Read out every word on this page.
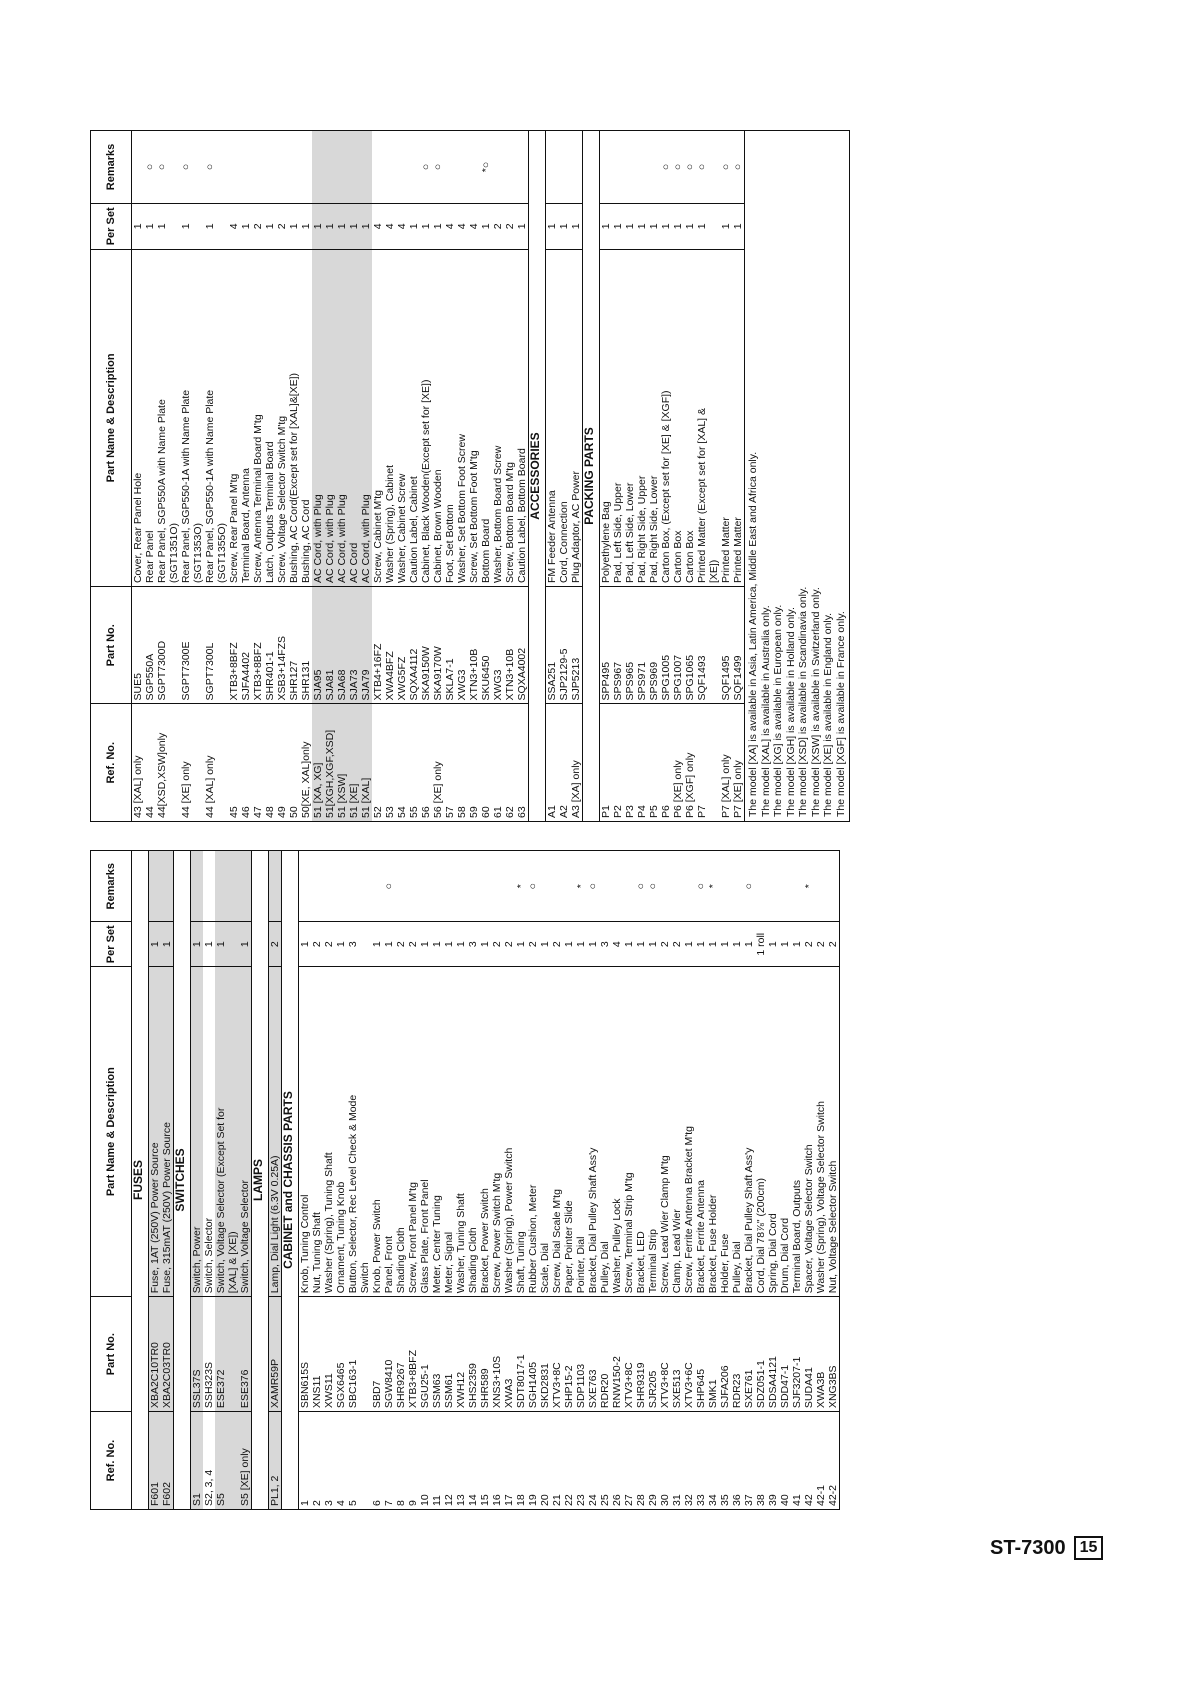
Ref. No.	Part No.	Part Name & Description	Per Set	Remarks
FUSES				
F601	XBA2C10TR0	Fuse, 1AT (250V) Power Source	1	
F602	XBA2C03TR0	Fuse, 315mAT (250V) Power Source	1	
SWITCHES				
S1	SSL37S	Switch, Power	1	
S2, 3, 4	SSH323S	Switch, Selector	1	
S5	ESE372	Switch, Voltage Selector (Except Set for	1	
		[XAL] & [XE])		
S5 [XE] only	ESE376	Switch, Voltage Selector	1	
LAMPS				
PL1, 2	XAMR59P	Lamp, Dial Light (6.3V 0.25A)	2	
CABINET and CHASSIS PARTS				
1	SBN615S	Knob, Tuning Control	1	
2	XNS11	Nut, Tuning Shaft	2	
3	XWS11	Washer (Spring), Tuning Shaft	2	
4	SGX6465	Ornament, Tuning Knob	1	
5	SBC163-1	Button, Selector, Rec Level Check & Mode	3	
		Switch		
6	SBD7	Knob, Power Switch	1	
7	SGW8410	Panel, Front	1	○
8	SHR9267	Shading Cloth	2	
9	XTB3+8BFZ	Screw, Front Panel M'tg	2	
10	SGU25-1	Glass Plate, Front Panel	1	
11	SSM63	Meter, Center Tuning	1	
12	SSM61	Meter, Signal	1	
13	XWH12	Washer, Tuning Shaft	1	
14	SHS2359	Shading Cloth	3	
15	SHR589	Bracket, Power Switch	1	
16	XNS3+10S	Screw, Power Switch M'tg	2	
17	XWA3	Washer (Spring), Power Switch	2	
18	SDT8017-1	Shaft, Tuning	1	*
19	SGH1405	Rubber Cushion, Meter	2	○
20	SKD2831	Scale, Dial	1	
21	XTV3+8C	Screw, Dial Scale M'tg	2	
22	SHP15-2	Paper, Pointer Slide	1	
23	SDP1103	Pointer, Dial	1	*
24	SXE763	Bracket, Dial Pulley Shaft Ass'y	1	○
25	RDR20	Pulley, Dial	3	
26	RNW150-2	Washer, Pulley Lock	4	
27	XTV3+8C	Screw, Terminal Strip M'tg	1	
28	SHR9319	Bracket, LED	1	○
29	SJR205	Terminal Strip	1	○
30	XTV3+8C	Screw, Lead Wier Clamp M'tg	2	
31	SXE513	Clamp, Lead Wier	2	
32	XTV3+6C	Screw, Ferrite Antenna Bracket M'tg	1	
33	SHP645	Bracket, Ferrite Antenna	1	○
34	SMK1	Bracket, Fuse Holder	1	*
35	SJFA206	Holder, Fuse	1	
36	RDR23	Pulley, Dial	1	
37	SXE761	Bracket, Dial Pulley Shaft Ass'y	1	○
38	SDZ051-1	Cord, Dial 78⅞" (200cm)	1 roll	
39	SDSA4121	Spring, Dial Cord	1	
40	SDD47-1	Drum, Dial Cord	1	
41	SJF3207-1	Terminal Board, Outputs	1	
42	SUDA41	Spacer, Voltage Selector Switch	2	*
42-1	XWA3B	Washer (Spring), Voltage Selector Switch	2	
42-2	XNG3BS	Nut, Voltage Selector Switch	2	
Ref. No.	Part No.	Part Name & Description	Per Set	Remarks
43 [XAL] only	SUE5	Cover, Rear Panel Hole	1	
44	SGP550A	Rear Panel	1	○
44[XSD,XSW]only	SGPT7300D	Rear Panel, SGP550A with Name Plate	1	○
		(SGT1351O)		
44 [XE] only	SGPT7300E	Rear Panel, SGP550-1A with Name Plate	1	○
		(SGT1353O)		
44 [XAL] only	SGPT7300L	Rear Panel, SGP550-1A with Name Plate	1	○
		(SGT1355O)		
45	XTB3+8BFZ	Screw, Rear Panel M'tg	4	
46	SJFA4402	Terminal Board, Antenna	1	
47	XTB3+8BFZ	Screw, Antenna Terminal Board M'tg	2	
48	SHR401-1	Latch, Outputs Terminal Board	1	
49	XSB3+14FZS	Screw, Voltage Selector Switch M'tg	2	
50	SHR127	Bushing, AC Cord(Except set for [XAL]&[XE])	1	
50[XE, XAL]only	SHR131	Bushing, AC Cord	1	
51 [XA, XG]	SJA95	AC Cord, with Plug	1	
51[XGH,XGF,XSD]	SJA81	AC Cord, with Plug	1	
51 [XSW]	SJA68	AC Cord, with Plug	1	
51 [XE]	SJA73	AC Cord	1	
51 [XAL]	SJA79	AC Cord, with Plug	1	
52	XTB4+16FZ	Screw, Cabinet M'tg	4	
53	XWA4BFZ	Washer (Spring), Cabinet	4	
54	XWG5FZ	Washer, Cabinet Screw	4	
55	SQXA4112	Caution Label, Cabinet	1	
56	SKA9150W	Cabinet, Black Wooden(Except set for [XE])	1	○
56 [XE] only	SKA9170W	Cabinet, Brown Wooden	1	○
57	SKLA7-1	Foot, Set Bottom	4	
58	XWG3	Washer, Set Bottom Foot Screw	4	
59	XTN3+10B	Screw, Set Bottom Foot M'tg	4	
60	SKU6450	Bottom Board	1	*○
61	XWG3	Washer, Bottom Board Screw	2	
62	XTN3+10B	Screw, Bottom Board M'tg	2	
63	SQXA4002	Caution Label, Bottom Board	1	
ACCESSORIES				
A1	SSA251	FM Feeder Antenna	1	
A2	SJP2129-5	Cord, Connection	1	
A3 [XA] only	SJP5213	Plug Adaptor, AC Power	1	
PACKING PARTS				
P1	SPP495	Polyethylene Bag	1	
P2	SPS967	Pad, Left Side, Upper	1	
P3	SPS965	Pad, Left Side, Lower	1	
P4	SPS971	Pad, Right Side, Upper	1	
P5	SPS969	Pad, Right Side, Lower	1	
P6	SPG1005	Carton Box, (Except set for [XE] & [XGF])	1	○
P6 [XE] only	SPG1007	Carton Box	1	○
P6 [XGF] only	SPG1065	Carton Box	1	○
P7	SQF1493	Printed Matter (Except set for [XAL] &	1	○
		[XE])		
P7 [XAL] only	SQF1495	Printed Matter	1	○
P7 [XE] only	SQF1499	Printed Matter	1	○
The model [XA] is available in Asia, Latin America, Middle East and Africa only. The model [XAL] is available in Australia only. The model [XG] is available in European only. The model [XGH] is available in Holland only. The model [XSD] is available in Scandinavia only. The model [XSW] is available in Switzerland only. The model [XE] is available in England only. The model [XGF] is available in France only.
ST-7300 15
